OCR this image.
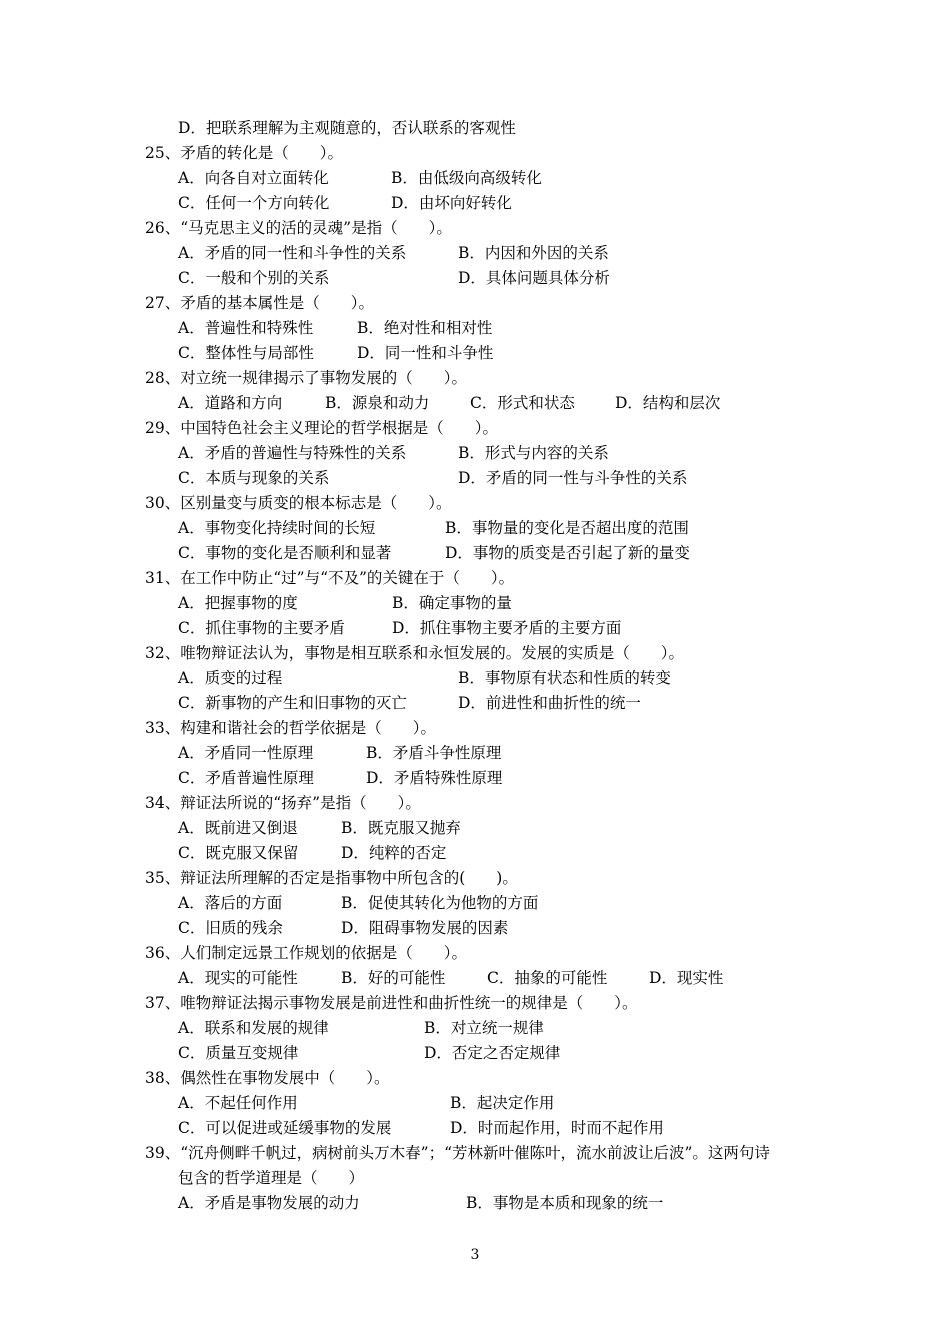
D．把联系理解为主观随意的，否认联系的客观性

25、矛盾的转化是（　　）。

A．向各自对立面转化

	B．由低级向高级转化

C．任何一个方向转化

	D．由坏向好转化

26、“马克思主义的活的灵魂”是指（　　）。

A．矛盾的同一性和斗争性的关系

	B．内因和外因的关系

C．一般和个别的关系

	D．具体问题具体分析

27、矛盾的基本属性是（　　）。

A．普遍性和特殊性

	B．绝对性和相对性

C．整体性与局部性

	D．同一性和斗争性

28、对立统一规律揭示了事物发展的（　　）。

A．道路和方向

	B．源泉和动力

	C．形式和状态

	D．结构和层次

29、中国特色社会主义理论的哲学根据是（　　）。

A．矛盾的普遍性与特殊性的关系

	B．形式与内容的关系

C．本质与现象的关系

	D．矛盾的同一性与斗争性的关系

30、区别量变与质变的根本标志是（　　）。

A．事物变化持续时间的长短

	B．事物量的变化是否超出度的范围

C．事物的变化是否顺利和显著

	D．事物的质变是否引起了新的量变

31、在工作中防止“过”与“不及”的关键在于（　　）。

A．把握事物的度

	B．确定事物的量

C．抓住事物的主要矛盾

	D．抓住事物主要矛盾的主要方面

32、唯物辩证法认为，事物是相互联系和永恒发展的。发展的实质是（　　）。

A．质变的过程

	B．事物原有状态和性质的转变

C．新事物的产生和旧事物的灭亡

	D．前进性和曲折性的统一

33、构建和谐社会的哲学依据是（　　）。

A．矛盾同一性原理

	B．矛盾斗争性原理

C．矛盾普遍性原理

	D．矛盾特殊性原理

34、辩证法所说的“扬弃”是指（　　）。

A．既前进又倒退

	B．既克服又抛弃

C．既克服又保留

	D．纯粹的否定

35、辩证法所理解的否定是指事物中所包含的(　　)。

A．落后的方面

	B．促使其转化为他物的方面

C．旧质的残余

	D．阻碍事物发展的因素

36、人们制定远景工作规划的依据是（　　）。

A．现实的可能性

	B．好的可能性

	C．抽象的可能性

	D．现实性

37、唯物辩证法揭示事物发展是前进性和曲折性统一的规律是（　　）。

A．联系和发展的规律

	B．对立统一规律

C．质量互变规律

	D．否定之否定规律

38、偶然性在事物发展中（　　）。

A．不起任何作用

	B．起决定作用

C．可以促进或延缓事物的发展

	D．时而起作用，时而不起作用

39、“沉舟侧畔千帆过，病树前头万木春”；“芳林新叶催陈叶，流水前波让后波”。这两句诗

包含的哲学道理是（　　）

A．矛盾是事物发展的动力

	B．事物是本质和现象的统一

3
